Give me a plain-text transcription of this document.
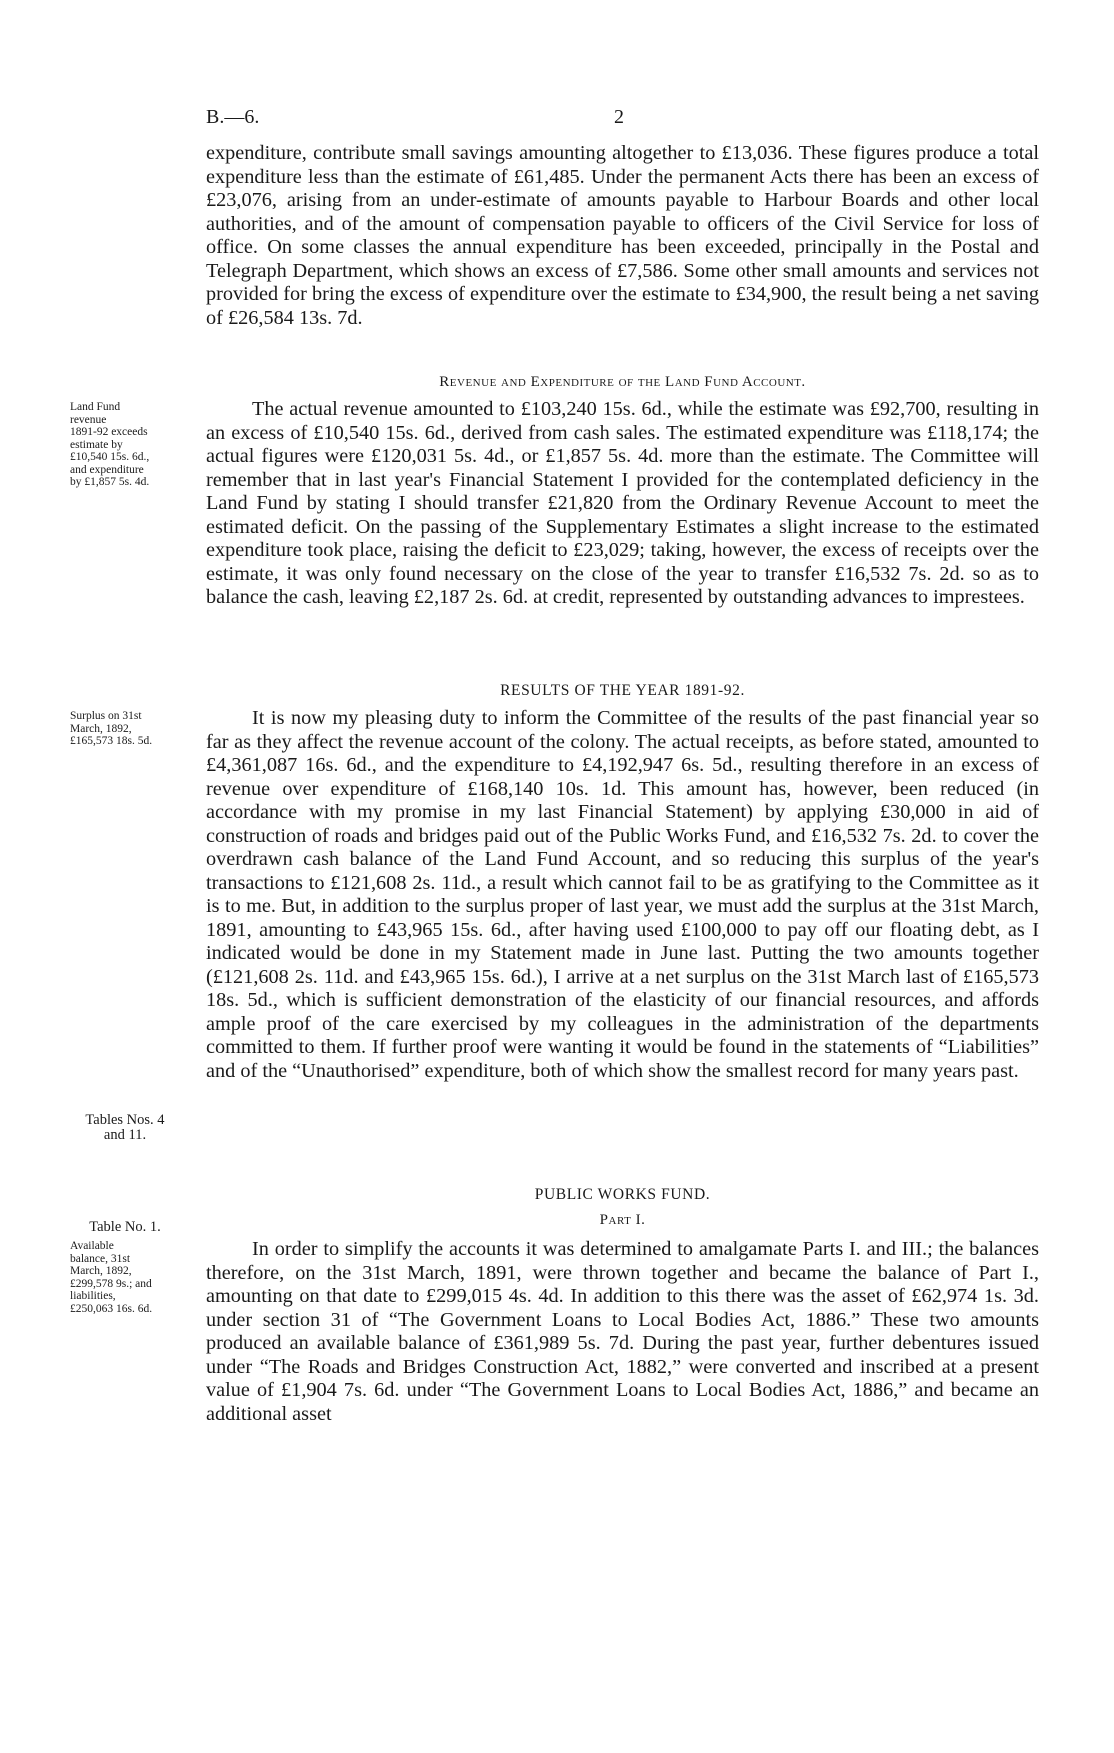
B.—6.	2

expenditure, contribute small savings amounting altogether to £13,036. These figures produce a total expenditure less than the estimate of £61,485. Under the permanent Acts there has been an excess of £23,076, arising from an under-estimate of amounts payable to Harbour Boards and other local authorities, and of the amount of compensation payable to officers of the Civil Service for loss of office. On some classes the annual expenditure has been exceeded, principally in the Postal and Telegraph Department, which shows an excess of £7,586. Some other small amounts and services not provided for bring the excess of expenditure over the estimate to £34,900, the result being a net saving of £26,584 13s. 7d.

Revenue and Expenditure of the Land Fund Account.

The actual revenue amounted to £103,240 15s. 6d., while the estimate was £92,700, resulting in an excess of £10,540 15s. 6d., derived from cash sales. The estimated expenditure was £118,174; the actual figures were £120,031 5s. 4d., or £1,857 5s. 4d. more than the estimate. The Committee will remember that in last year's Financial Statement I provided for the contemplated deficiency in the Land Fund by stating I should transfer £21,820 from the Ordinary Revenue Account to meet the estimated deficit. On the passing of the Supplementary Estimates a slight increase to the estimated expenditure took place, raising the deficit to £23,029; taking, however, the excess of receipts over the estimate, it was only found necessary on the close of the year to transfer £16,532 7s. 2d. so as to balance the cash, leaving £2,187 2s. 6d. at credit, represented by outstanding advances to imprestees.

Land Fund
revenue
1891-92 exceeds
estimate by
£10,540 15s. 6d.,
and expenditure
by £1,857 5s. 4d.
RESULTS OF THE YEAR 1891-92.

It is now my pleasing duty to inform the Committee of the results of the past financial year so far as they affect the revenue account of the colony. The actual receipts, as before stated, amounted to £4,361,087 16s. 6d., and the expenditure to £4,192,947 6s. 5d., resulting therefore in an excess of revenue over expenditure of £168,140 10s. 1d. This amount has, however, been reduced (in accordance with my promise in my last Financial Statement) by applying £30,000 in aid of construction of roads and bridges paid out of the Public Works Fund, and £16,532 7s. 2d. to cover the overdrawn cash balance of the Land Fund Account, and so reducing this surplus of the year's transactions to £121,608 2s. 11d., a result which cannot fail to be as gratifying to the Committee as it is to me. But, in addition to the surplus proper of last year, we must add the surplus at the 31st March, 1891, amounting to £43,965 15s. 6d., after having used £100,000 to pay off our floating debt, as I indicated would be done in my Statement made in June last. Putting the two amounts together (£121,608 2s. 11d. and £43,965 15s. 6d.), I arrive at a net surplus on the 31st March last of £165,573 18s. 5d., which is sufficient demonstration of the elasticity of our financial resources, and affords ample proof of the care exercised by my colleagues in the administration of the departments committed to them. If further proof were wanting it would be found in the statements of “Liabilities” and of the “Unauthorised” expenditure, both of which show the smallest record for many years past.

Surplus on 31st
March, 1892,
£165,573 18s. 5d.
Tables Nos. 4
and 11.
PUBLIC WORKS FUND.
Part I.

In order to simplify the accounts it was determined to amalgamate Parts I. and III.; the balances therefore, on the 31st March, 1891, were thrown together and became the balance of Part I., amounting on that date to £299,015 4s. 4d. In addition to this there was the asset of £62,974 1s. 3d. under section 31 of “The Government Loans to Local Bodies Act, 1886.” These two amounts produced an available balance of £361,989 5s. 7d. During the past year, further debentures issued under “The Roads and Bridges Construction Act, 1882,” were converted and inscribed at a present value of £1,904 7s. 6d. under “The Government Loans to Local Bodies Act, 1886,” and became an additional asset

Table No. 1.
Available
balance, 31st
March, 1892,
£299,578 9s.; and
liabilities,
£250,063 16s. 6d.
